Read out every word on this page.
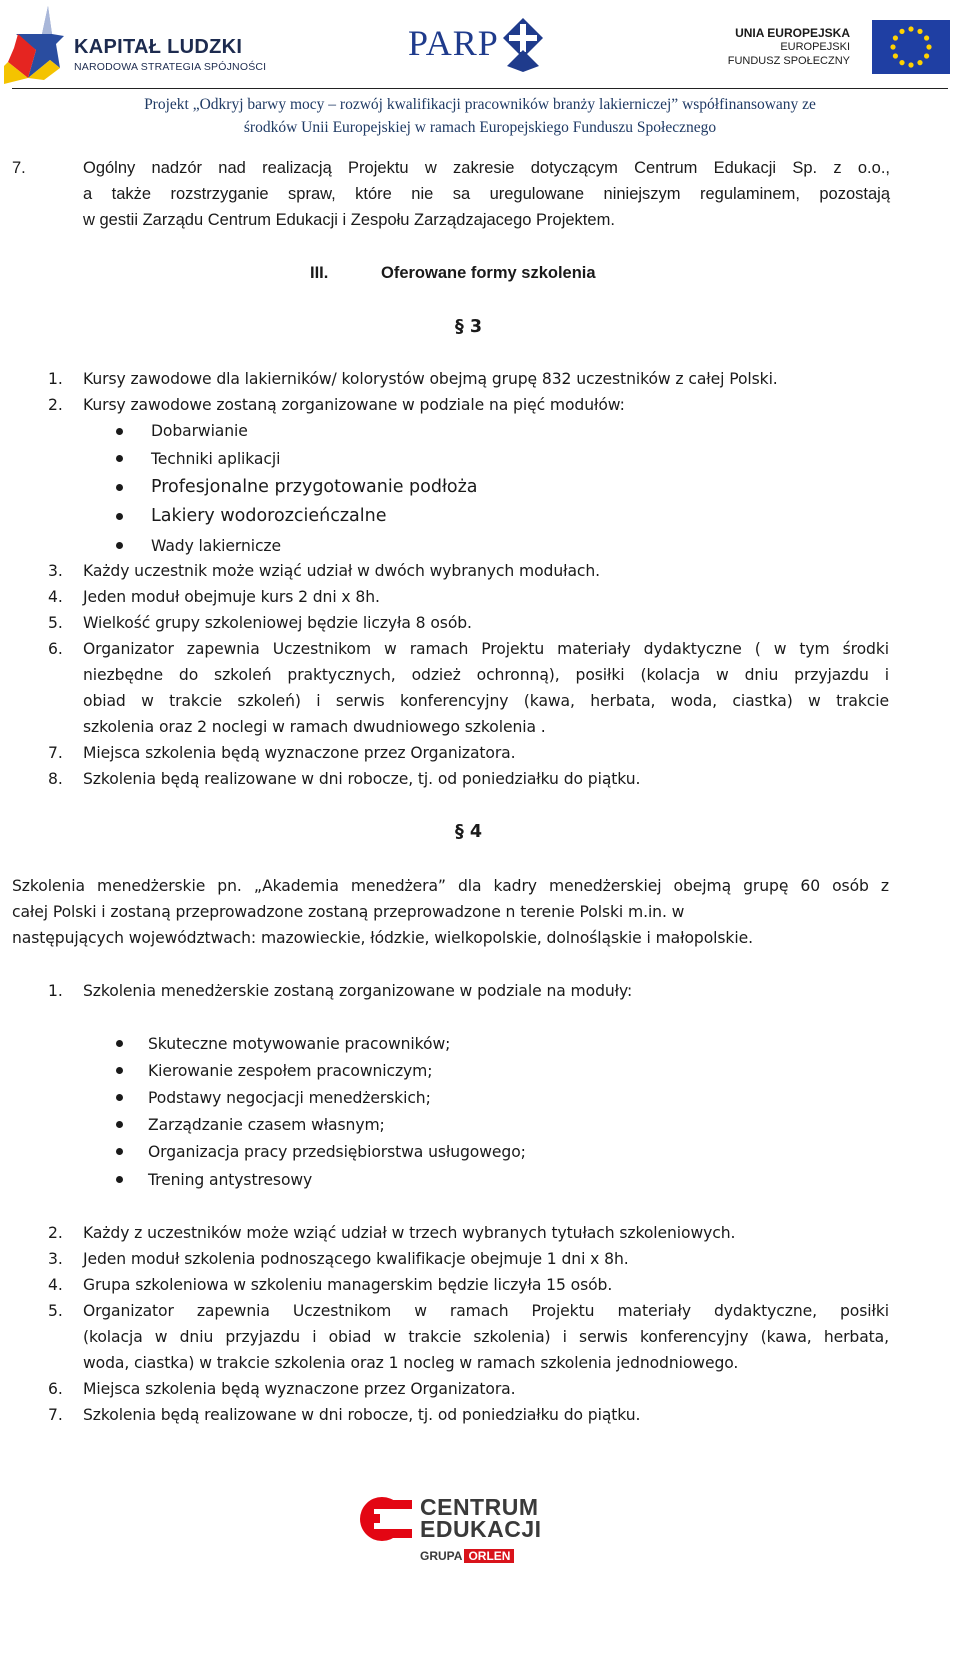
KAPITAŁ LUDZKI
NARODOWA STRATEGIA SPÓJNOŚCI
PARP	UNIA EUROPEJSKA
EUROPEJSKI
FUNDUSZ SPOŁECZNY
Projekt „Odkryj barwy mocy – rozwój kwalifikacji pracowników branży lakierniczej” współfinansowany ze
środków Unii Europejskiej w ramach Europejskiego Funduszu Społecznego
7.	Ogólny nadzór nad realizacją Projektu w zakresie dotyczącym Centrum Edukacji Sp. z o.o.,
a także rozstrzyganie spraw, które nie sa uregulowane niniejszym regulaminem, pozostają
w gestii Zarządu Centrum Edukacji i Zespołu Zarządzajacego Projektem.
III.	Oferowane formy szkolenia
§ 3
1. Kursy zawodowe dla lakierników/ kolorystów obejmą grupę 832 uczestników z całej Polski.
2. Kursy zawodowe zostaną zorganizowane w podziale na pięć modułów:
Dobarwianie
Techniki aplikacji
Profesjonalne przygotowanie podłoża
Lakiery wodorozcieńczalne
Wady lakiernicze
3. Każdy uczestnik może wziąć udział w dwóch wybranych modułach.
4. Jeden moduł obejmuje kurs 2 dni x 8h.
5. Wielkość grupy szkoleniowej będzie liczyła 8 osób.
6. Organizator zapewnia Uczestnikom w ramach Projektu materiały dydaktyczne ( w tym środki
niezbędne do szkoleń praktycznych, odzież ochronną), posiłki (kolacja w dniu przyjazdu i
obiad w trakcie szkoleń) i serwis konferencyjny (kawa, herbata, woda, ciastka) w trakcie
szkolenia oraz 2 noclegi w ramach dwudniowego szkolenia .
7. Miejsca szkolenia będą wyznaczone przez Organizatora.
8. Szkolenia będą realizowane w dni robocze, tj. od poniedziałku do piątku.
§ 4
Szkolenia menedżerskie pn. „Akademia menedżera” dla kadry menedżerskiej obejmą grupę 60 osób z
całej Polski i zostaną przeprowadzone zostaną przeprowadzone n terenie Polski m.in. w
następujących województwach: mazowieckie, łódzkie, wielkopolskie, dolnośląskie i małopolskie.
1. Szkolenia menedżerskie zostaną zorganizowane w podziale na moduły:
Skuteczne motywowanie pracowników;
Kierowanie zespołem pracowniczym;
Podstawy negocjacji menedżerskich;
Zarządzanie czasem własnym;
Organizacja pracy przedsiębiorstwa usługowego;
Trening antystresowy
2. Każdy z uczestników może wziąć udział w trzech wybranych tytułach szkoleniowych.
3. Jeden moduł szkolenia podnoszącego kwalifikacje obejmuje 1 dni x 8h.
4. Grupa szkoleniowa w szkoleniu managerskim będzie liczyła 15 osób.
5. Organizator zapewnia Uczestnikom w ramach Projektu materiały dydaktyczne, posiłki
(kolacja w dniu przyjazdu i obiad w trakcie szkolenia) i serwis konferencyjny (kawa, herbata,
woda, ciastka) w trakcie szkolenia oraz 1 nocleg w ramach szkolenia jednodniowego.
6. Miejsca szkolenia będą wyznaczone przez Organizatora.
7. Szkolenia będą realizowane w dni robocze, tj. od poniedziałku do piątku.
CENTRUM
EDUKACJI
GRUPA ORLEN
